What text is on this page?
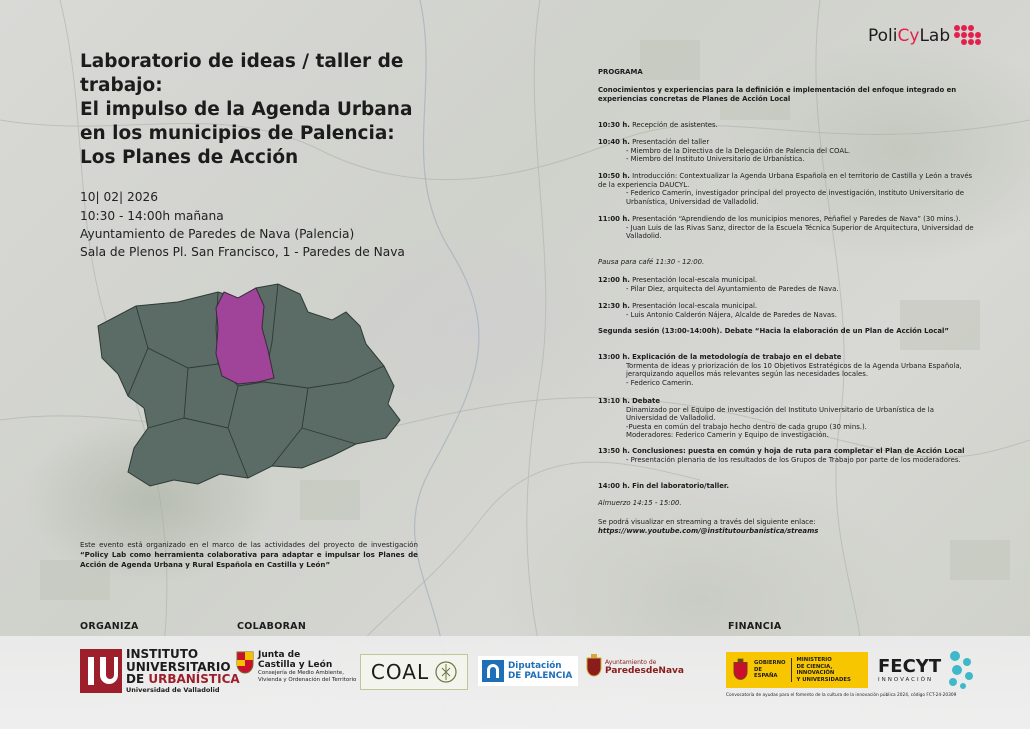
PoliCyLab
Laboratorio de ideas / taller de
trabajo:
El impulso de la Agenda Urbana
en los municipios de Palencia:
Los Planes de Acción
10| 02| 2026
10:30 - 14:00h mañana
Ayuntamiento de Paredes de Nava (Palencia)
Sala de Plenos Pl. San Francisco, 1 - Paredes de Nava
Este evento está organizado en el marco de las actividades del proyecto de investigación “Policy Lab como herramienta colaborativa para adaptar e impulsar los Planes de Acción de Agenda Urbana y Rural Española en Castilla y León”
PROGRAMA
Conocimientos y experiencias para la definición e implementación del enfoque integrado en experiencias concretas de Planes de Acción Local
10:30 h. Recepción de asistentes.
10:40 h. Presentación del taller
- Miembro de la Directiva de la Delegación de Palencia del COAL.
- Miembro del Instituto Universitario de Urbanística.
10:50 h. Introducción: Contextualizar la Agenda Urbana Española en el territorio de Castilla y León a través de la experiencia DAUCYL.
- Federico Camerin, investigador principal del proyecto de investigación, Instituto Universitario de Urbanística, Universidad de Valladolid.
11:00 h. Presentación “Aprendiendo de los municipios menores, Peñafiel y Paredes de Nava” (30 mins.).
- Juan Luis de las Rivas Sanz, director de la Escuela Técnica Superior de Arquitectura, Universidad de Valladolid.
Pausa para café 11:30 - 12:00.
12:00 h. Presentación local-escala municipal.
- Pilar Diez, arquitecta del Ayuntamiento de Paredes de Nava.
12:30 h. Presentación local-escala municipal.
- Luis Antonio Calderón Nájera, Alcalde de Paredes de Navas.
Segunda sesión (13:00-14:00h). Debate “Hacia la elaboración de un Plan de Acción Local”
13:00 h. Explicación de la metodología de trabajo en el debate
Tormenta de ideas y priorización de los 10 Objetivos Estratégicos de la Agenda Urbana Española, jerarquizando aquellos más relevantes según las necesidades locales.
- Federico Camerin.
13:10 h. Debate
Dinamizado por el Equipo de investigación del Instituto Universitario de Urbanística de la Universidad de Valladolid.
-Puesta en común del trabajo hecho dentro de cada grupo (30 mins.).
Moderadores: Federico Camerin y Equipo de investigación.
13:50 h. Conclusiones: puesta en común y hoja de ruta para completar el Plan de Acción Local
- Presentación plenaria de los resultados de los Grupos de Trabajo por parte de los moderadores.
14:00 h. Fin del laboratorio/taller.
Almuerzo 14:15 - 15:00.
Se podrá visualizar en streaming a través del siguiente enlace:
https://www.youtube.com/@institutourbanistica/streams
ORGANIZA	COLABORAN	FINANCIA
INSTITUTO
UNIVERSITARIO
DE URBANÍSTICA
Universidad de Valladolid
Junta de
Castilla y León
Consejería de Medio Ambiente,
Vivienda y Ordenación del Territorio COAL	Diputación
DE PALENCIA
Ayuntamiento de
ParedesdeNava
GOBIERNO
DE ESPAÑA
MINISTERIO
DE CIENCIA, INNOVACIÓN
Y UNIVERSIDADES
FECYT
INNOVACIÓN
Convocatoria de ayudas para el fomento de la cultura de la innovación pública 2024, código FCT-24-20309
